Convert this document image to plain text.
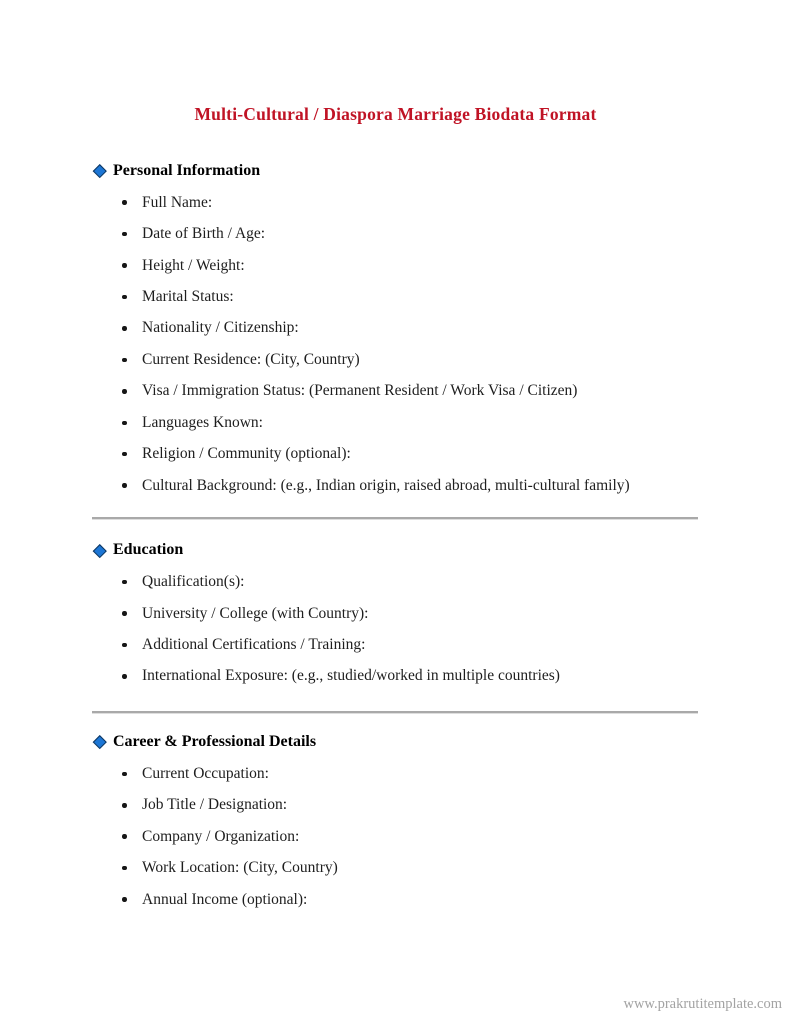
Multi-Cultural / Diaspora Marriage Biodata Format
Personal Information
Full Name:
Date of Birth / Age:
Height / Weight:
Marital Status:
Nationality / Citizenship:
Current Residence: (City, Country)
Visa / Immigration Status: (Permanent Resident / Work Visa / Citizen)
Languages Known:
Religion / Community (optional):
Cultural Background: (e.g., Indian origin, raised abroad, multi-cultural family)
Education
Qualification(s):
University / College (with Country):
Additional Certifications / Training:
International Exposure: (e.g., studied/worked in multiple countries)
Career & Professional Details
Current Occupation:
Job Title / Designation:
Company / Organization:
Work Location: (City, Country)
Annual Income (optional):
www.prakrutitemplate.com
